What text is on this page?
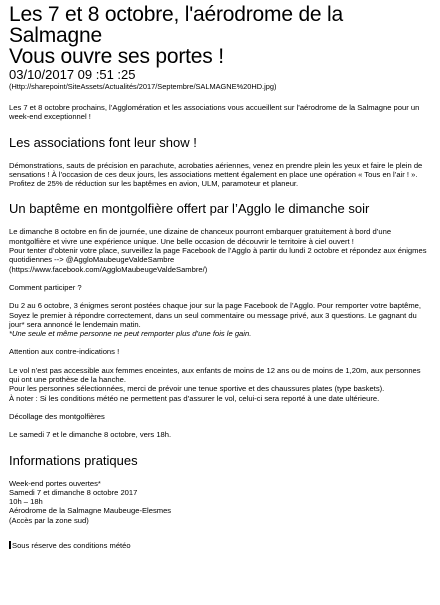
Les 7 et 8 octobre, l'aérodrome de la
Salmagne
Vous ouvre ses portes !
03/10/2017 09 :51 :25
(Http://sharepoint/SiteAssets/Actualités/2017/Septembre/SALMAGNE%20HD.jpg)

Les 7 et 8 octobre prochains, l’Agglomération et les associations vous accueillent sur l’aérodrome de la Salmagne pour un week-end exceptionnel !

Les associations font leur show !

Démonstrations, sauts de précision en parachute, acrobaties aériennes, venez en prendre plein les yeux et faire le plein de sensations ! À l’occasion de ces deux jours, les associations mettent également en place une opération « Tous en l’air ! ».

Profitez de 25% de réduction sur les baptêmes en avion, ULM, paramoteur et planeur.

Un baptême en montgolfière offert par l’Agglo le dimanche soir

Le dimanche 8 octobre en fin de journée, une dizaine de chanceux pourront embarquer gratuitement à bord d’une montgolfière et vivre une expérience unique. Une belle occasion de découvrir le territoire à ciel ouvert !

Pour tenter d’obtenir votre place, surveillez la page Facebook de l’Agglo à partir du lundi 2 octobre et répondez aux énigmes quotidiennes --> @AggloMaubeugeValdeSambre

(https://www.facebook.com/AggloMaubeugeValdeSambre/)

Comment participer ?

Du 2 au 6 octobre, 3 énigmes seront postées chaque jour sur la page Facebook de l’Agglo. Pour remporter votre baptême,

Soyez le premier à répondre correctement, dans un seul commentaire ou message privé, aux 3 questions. Le gagnant du jour* sera annoncé le lendemain matin.

*Une seule et même personne ne peut remporter plus d’une fois le gain.

Attention aux contre-indications !

Le vol n’est pas accessible aux femmes enceintes, aux enfants de moins de 12 ans ou de moins de 1,20m, aux personnes qui ont une prothèse de la hanche.

Pour les personnes sélectionnées, merci de prévoir une tenue sportive et des chaussures plates (type baskets).

À noter : Si les conditions météo ne permettent pas d’assurer le vol, celui-ci sera reporté à une date ultérieure.

Décollage des montgolfières

Le samedi 7 et le dimanche 8 octobre, vers 18h.

Informations pratiques

Week-end portes ouvertes*

Samedi 7 et dimanche 8 octobre 2017

10h – 18h

Aérodrome de la Salmagne Maubeuge-Elesmes

(Accès par la zone sud)

Sous réserve des conditions météo
